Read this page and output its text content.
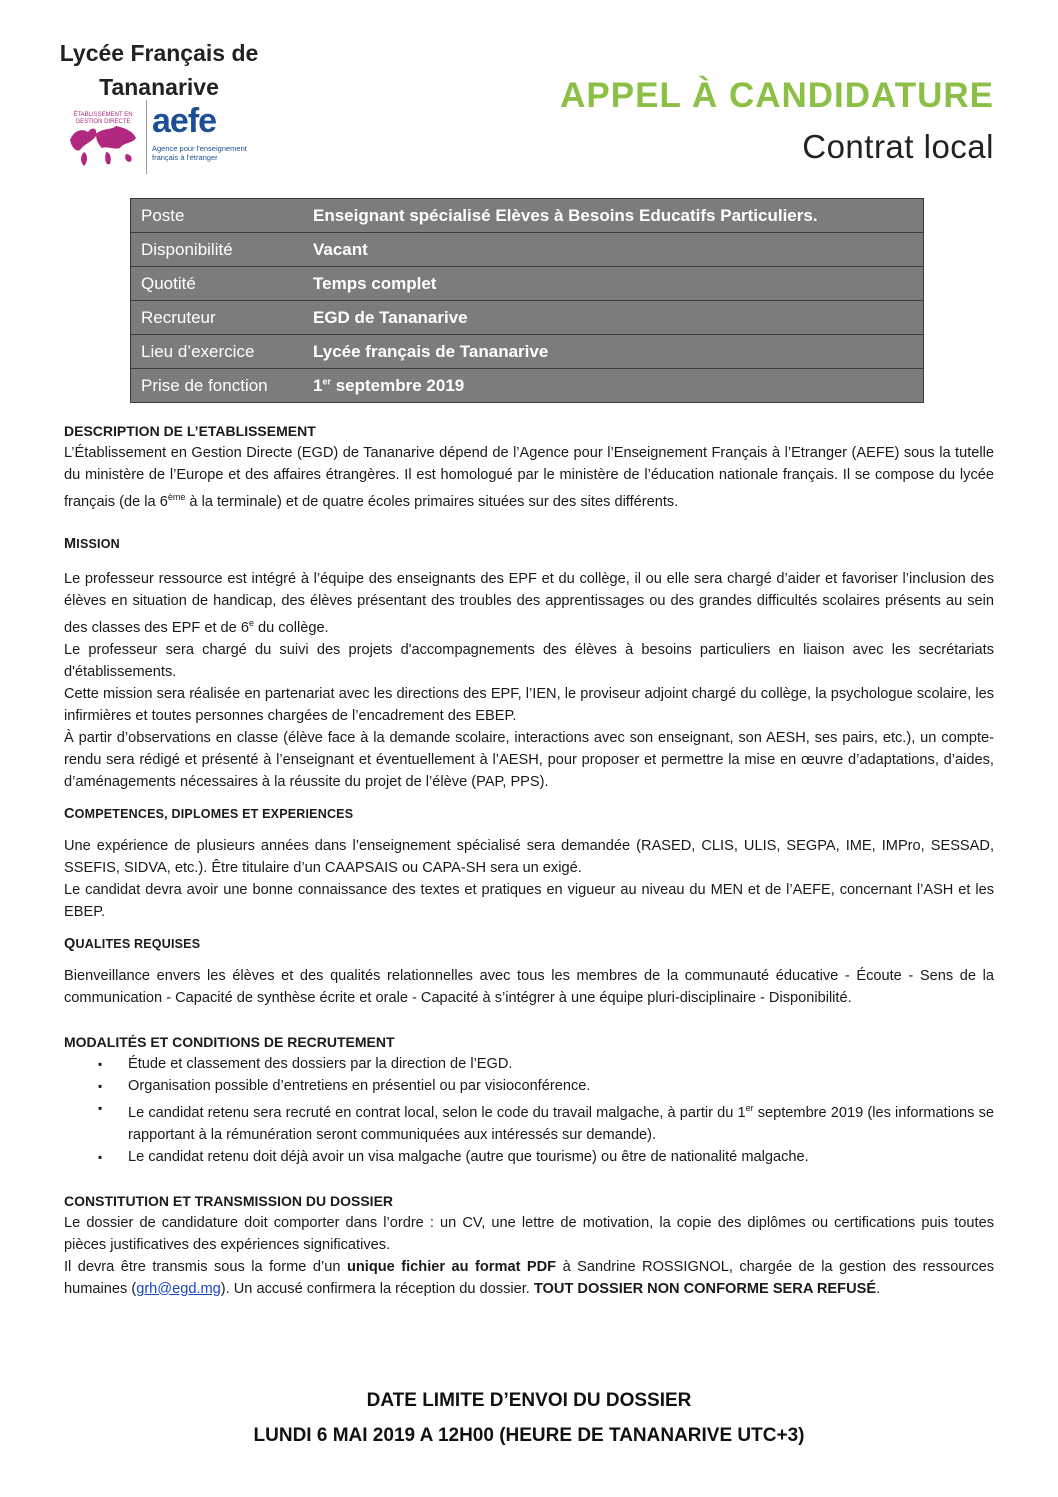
Lycée Français de
Tananarive
ÉTABLISSEMENT EN GESTION DIRECTE aefe
Agence pour l'enseignement français à l'étranger
APPEL À CANDIDATURE
Contrat local
Poste	Enseignant spécialisé Elèves à Besoins Educatifs Particuliers.
Disponibilité	Vacant
Quotité	Temps complet
Recruteur	EGD de Tananarive
Lieu d’exercice	Lycée français de Tananarive
Prise de fonction	1er septembre 2019

DESCRIPTION DE L’ETABLISSEMENT

L’Établissement en Gestion Directe (EGD) de Tananarive dépend de l’Agence pour l’Enseignement Français à l’Etranger (AEFE) sous la tutelle du ministère de l’Europe et des affaires étrangères. Il est homologué par le ministère de l’éducation nationale français. Il se compose du lycée français (de la 6ème à la terminale) et de quatre écoles primaires situées sur des sites différents.

MISSION

Le professeur ressource est intégré à l’équipe des enseignants des EPF et du collège, il ou elle sera chargé d’aider et favoriser l’inclusion des élèves en situation de handicap, des élèves présentant des troubles des apprentissages ou des grandes difficultés scolaires présents au sein des classes des EPF et de 6e du collège.

Le professeur sera chargé du suivi des projets d'accompagnements des élèves à besoins particuliers en liaison avec les secrétariats d'établissements.

Cette mission sera réalisée en partenariat avec les directions des EPF, l’IEN, le proviseur adjoint chargé du collège, la psychologue scolaire, les infirmières et toutes personnes chargées de l’encadrement des EBEP.

À partir d’observations en classe (élève face à la demande scolaire, interactions avec son enseignant, son AESH, ses pairs, etc.), un compte-rendu sera rédigé et présenté à l’enseignant et éventuellement à l’AESH, pour proposer et permettre la mise en œuvre d’adaptations, d’aides, d’aménagements nécessaires à la réussite du projet de l’élève (PAP, PPS).

COMPETENCES, DIPLOMES ET EXPERIENCES

Une expérience de plusieurs années dans l’enseignement spécialisé sera demandée (RASED, CLIS, ULIS, SEGPA, IME, IMPro, SESSAD, SSEFIS, SIDVA, etc.). Être titulaire d’un CAAPSAIS ou CAPA-SH sera un exigé.

Le candidat devra avoir une bonne connaissance des textes et pratiques en vigueur au niveau du MEN et de l’AEFE, concernant l’ASH et les EBEP.

QUALITES REQUISES

Bienveillance envers les élèves et des qualités relationnelles avec tous les membres de la communauté éducative - Écoute - Sens de la communication - Capacité de synthèse écrite et orale - Capacité à s’intégrer à une équipe pluri-disciplinaire - Disponibilité.

MODALITÉS ET CONDITIONS DE RECRUTEMENT

▪ Étude et classement des dossiers par la direction de l’EGD.
▪ Organisation possible d’entretiens en présentiel ou par visioconférence.
▪ Le candidat retenu sera recruté en contrat local, selon le code du travail malgache, à partir du 1er septembre 2019 (les informations se rapportant à la rémunération seront communiquées aux intéressés sur demande).
▪ Le candidat retenu doit déjà avoir un visa malgache (autre que tourisme) ou être de nationalité malgache.

CONSTITUTION ET TRANSMISSION DU DOSSIER

Le dossier de candidature doit comporter dans l’ordre : un CV, une lettre de motivation, la copie des diplômes ou certifications puis toutes pièces justificatives des expériences significatives.

Il devra être transmis sous la forme d’un unique fichier au format PDF à Sandrine ROSSIGNOL, chargée de la gestion des ressources humaines (grh@egd.mg). Un accusé confirmera la réception du dossier. TOUT DOSSIER NON CONFORME SERA REFUSÉ.

DATE LIMITE D’ENVOI DU DOSSIER
LUNDI 6 MAI 2019 A 12H00 (HEURE DE TANANARIVE UTC+3)
